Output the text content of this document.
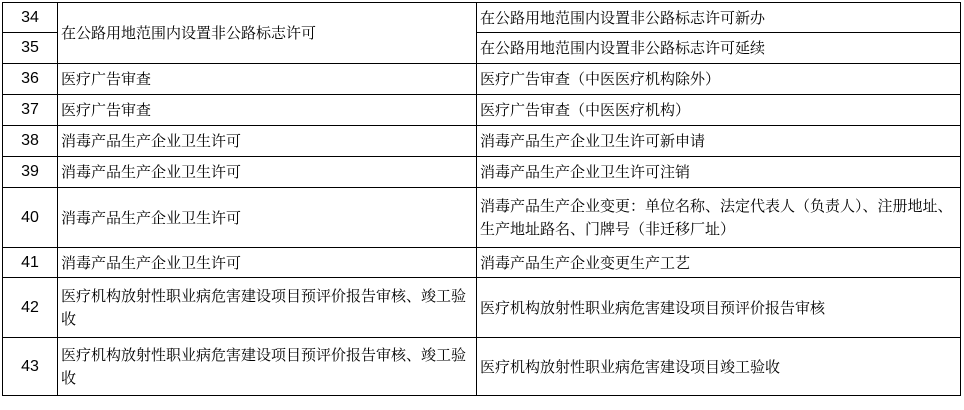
34	在公路用地范围内设置非公路标志许可	在公路用地范围内设置非公路标志许可新办
35		在公路用地范围内设置非公路标志许可延续
36	医疗广告审查	医疗广告审查（中医医疗机构除外）
37	医疗广告审查	医疗广告审查（中医医疗机构）
38	消毒产品生产企业卫生许可	消毒产品生产企业卫生许可新申请
39	消毒产品生产企业卫生许可	消毒产品生产企业卫生许可注销
40	消毒产品生产企业卫生许可	消毒产品生产企业变更：单位名称、法定代表人（负责人）、注册地址、生产地址路名、门牌号（非迁移厂址）
41	消毒产品生产企业卫生许可	消毒产品生产企业变更生产工艺
42	医疗机构放射性职业病危害建设项目预评价报告审核、竣工验收	医疗机构放射性职业病危害建设项目预评价报告审核
43	医疗机构放射性职业病危害建设项目预评价报告审核、竣工验收	医疗机构放射性职业病危害建设项目竣工验收
